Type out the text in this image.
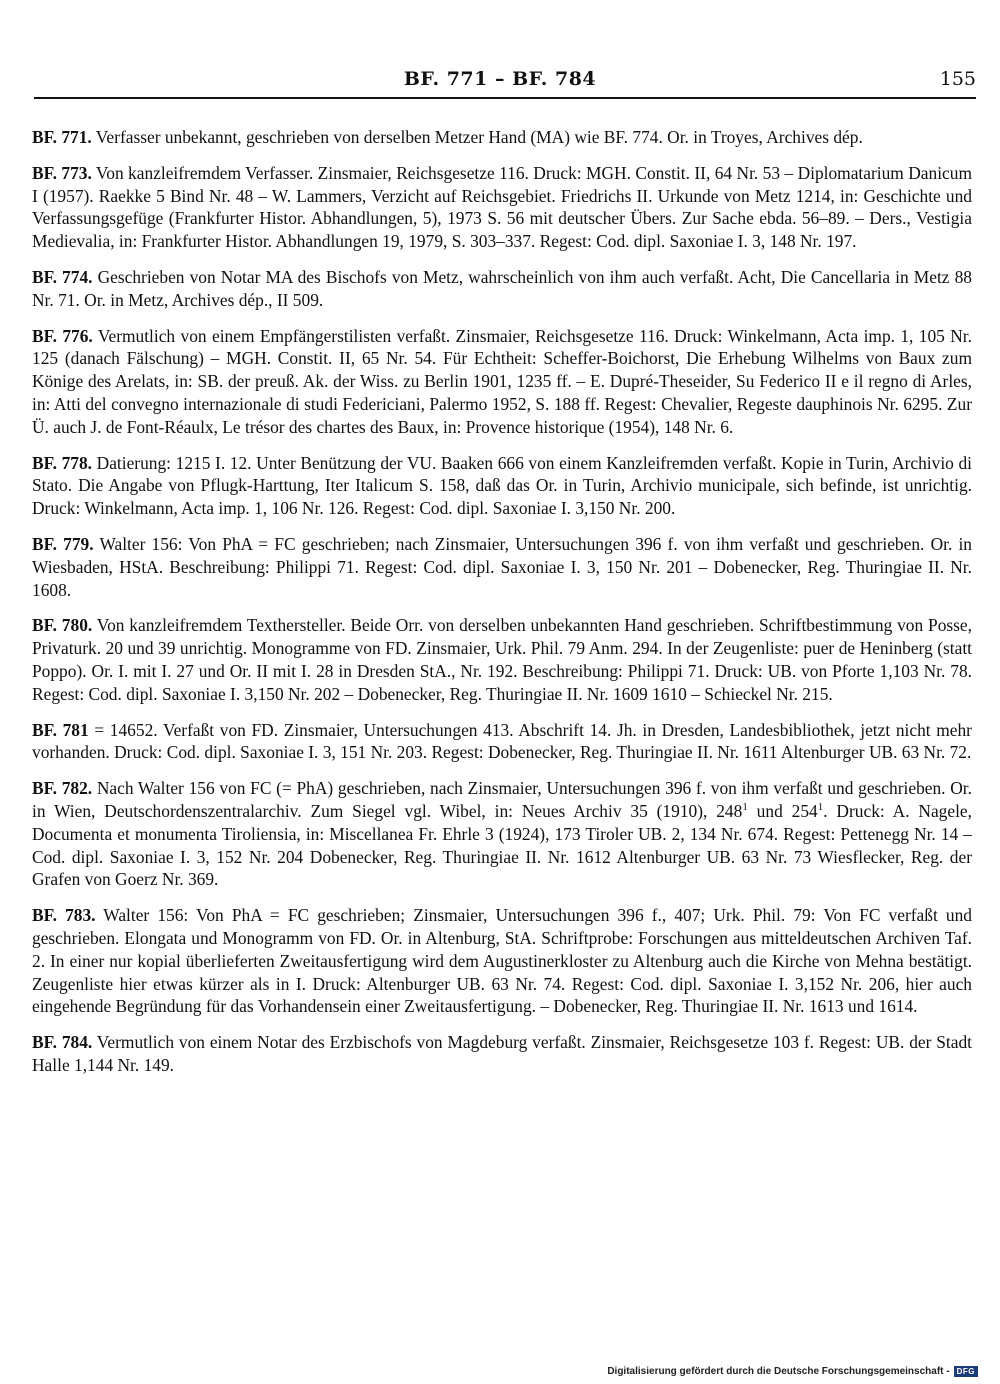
BF. 771 – BF. 784	155

BF. 771. Verfasser unbekannt, geschrieben von derselben Metzer Hand (MA) wie BF. 774. Or. in Troyes, Archives dép.

BF. 773. Von kanzleifremdem Verfasser. Zinsmaier, Reichsgesetze 116. Druck: MGH. Constit. II, 64 Nr. 53 – Diplomatarium Danicum I (1957). Raekke 5 Bind Nr. 48 – W. Lammers, Verzicht auf Reichsgebiet. Friedrichs II. Urkunde von Metz 1214, in: Geschichte und Verfassungsgefüge (Frankfurter Histor. Abhandlungen, 5), 1973 S. 56 mit deutscher Übers. Zur Sache ebda. 56–89. – Ders., Vestigia Medievalia, in: Frankfurter Histor. Abhandlungen 19, 1979, S. 303–337. Regest: Cod. dipl. Saxoniae I. 3, 148 Nr. 197.

BF. 774. Geschrieben von Notar MA des Bischofs von Metz, wahrscheinlich von ihm auch verfaßt. Acht, Die Cancellaria in Metz 88 Nr. 71. Or. in Metz, Archives dép., II 509.

BF. 776. Vermutlich von einem Empfängerstilisten verfaßt. Zinsmaier, Reichsgesetze 116. Druck: Winkelmann, Acta imp. 1, 105 Nr. 125 (danach Fälschung) – MGH. Constit. II, 65 Nr. 54. Für Echtheit: Scheffer-Boichorst, Die Erhebung Wilhelms von Baux zum Könige des Arelats, in: SB. der preuß. Ak. der Wiss. zu Berlin 1901, 1235 ff. – E. Dupré-Theseider, Su Federico II e il regno di Arles, in: Atti del convegno internazionale di studi Federiciani, Palermo 1952, S. 188 ff. Regest: Chevalier, Regeste dauphinois Nr. 6295. Zur Ü. auch J. de Font-Réaulx, Le trésor des chartes des Baux, in: Provence historique (1954), 148 Nr. 6.

BF. 778. Datierung: 1215 I. 12. Unter Benützung der VU. Baaken 666 von einem Kanzleifremden verfaßt. Kopie in Turin, Archivio di Stato. Die Angabe von Pflugk-Harttung, Iter Italicum S. 158, daß das Or. in Turin, Archivio municipale, sich befinde, ist unrichtig. Druck: Winkelmann, Acta imp. 1, 106 Nr. 126. Regest: Cod. dipl. Saxoniae I. 3,150 Nr. 200.

BF. 779. Walter 156: Von PhA = FC geschrieben; nach Zinsmaier, Untersuchungen 396 f. von ihm verfaßt und geschrieben. Or. in Wiesbaden, HStA. Beschreibung: Philippi 71. Regest: Cod. dipl. Saxoniae I. 3, 150 Nr. 201 – Dobenecker, Reg. Thuringiae II. Nr. 1608.

BF. 780. Von kanzleifremdem Texthersteller. Beide Orr. von derselben unbekannten Hand geschrieben. Schriftbestimmung von Posse, Privaturk. 20 und 39 unrichtig. Monogramme von FD. Zinsmaier, Urk. Phil. 79 Anm. 294. In der Zeugenliste: puer de Heninberg (statt Poppo). Or. I. mit I. 27 und Or. II mit I. 28 in Dresden StA., Nr. 192. Beschreibung: Philippi 71. Druck: UB. von Pforte 1,103 Nr. 78. Regest: Cod. dipl. Saxoniae I. 3,150 Nr. 202 – Dobenecker, Reg. Thuringiae II. Nr. 1609 1610 – Schieckel Nr. 215.

BF. 781 = 14652. Verfaßt von FD. Zinsmaier, Untersuchungen 413. Abschrift 14. Jh. in Dresden, Landesbibliothek, jetzt nicht mehr vorhanden. Druck: Cod. dipl. Saxoniae I. 3, 151 Nr. 203. Regest: Dobenecker, Reg. Thuringiae II. Nr. 1611 Altenburger UB. 63 Nr. 72.

BF. 782. Nach Walter 156 von FC (= PhA) geschrieben, nach Zinsmaier, Untersuchungen 396 f. von ihm verfaßt und geschrieben. Or. in Wien, Deutschordenszentralarchiv. Zum Siegel vgl. Wibel, in: Neues Archiv 35 (1910), $248^1$ und $254^1$. Druck: A. Nagele, Documenta et monumenta Tiroliensia, in: Miscellanea Fr. Ehrle 3 (1924), 173 Tiroler UB. 2, 134 Nr. 674. Regest: Pettenegg Nr. 14 – Cod. dipl. Saxoniae I. 3, 152 Nr. 204 Dobenecker, Reg. Thuringiae II. Nr. 1612 Altenburger UB. 63 Nr. 73 Wiesflecker, Reg. der Grafen von Goerz Nr. 369.

BF. 783. Walter 156: Von PhA = FC geschrieben; Zinsmaier, Untersuchungen 396 f., 407; Urk. Phil. 79: Von FC verfaßt und geschrieben. Elongata und Monogramm von FD. Or. in Altenburg, StA. Schriftprobe: Forschungen aus mitteldeutschen Archiven Taf. 2. In einer nur kopial überlieferten Zweitausfertigung wird dem Augustinerkloster zu Altenburg auch die Kirche von Mehna bestätigt. Zeugenliste hier etwas kürzer als in I. Druck: Altenburger UB. 63 Nr. 74. Regest: Cod. dipl. Saxoniae I. 3,152 Nr. 206, hier auch eingehende Begründung für das Vorhandensein einer Zweitausfertigung. – Dobenecker, Reg. Thuringiae II. Nr. 1613 und 1614.

BF. 784. Vermutlich von einem Notar des Erzbischofs von Magdeburg verfaßt. Zinsmaier, Reichsgesetze 103 f. Regest: UB. der Stadt Halle 1,144 Nr. 149.

Digitalisierung gefördert durch die Deutsche Forschungsgemeinschaft - DFG
